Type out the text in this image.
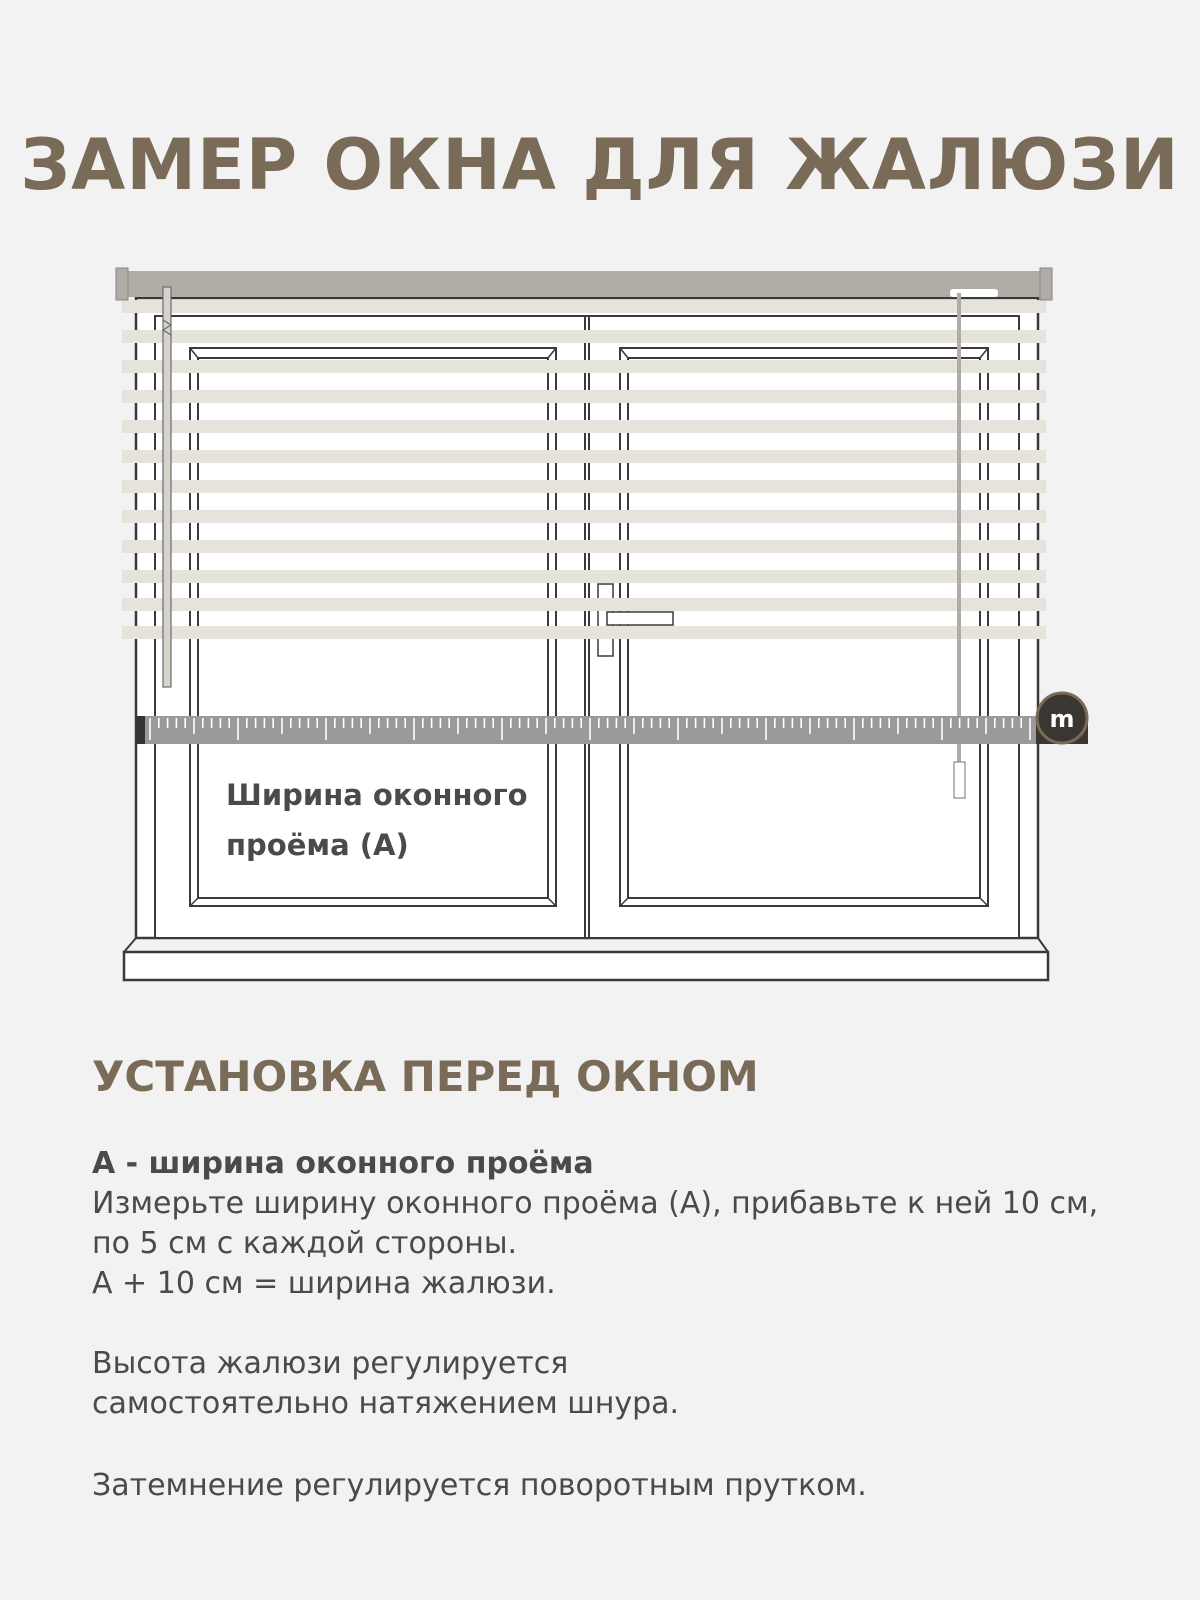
ЗАМЕР ОКНА ДЛЯ ЖАЛЮЗИ
m
Ширина оконного
проёма (А)
УСТАНОВКА ПЕРЕД ОКНОМ
А - ширина оконного проёма
Измерьте ширину оконного проёма (А), прибавьте к ней 10 см,
по 5 см с каждой стороны.
А + 10 см = ширина жалюзи.
Высота жалюзи регулируется
самостоятельно натяжением шнура.
Затемнение регулируется поворотным прутком.
